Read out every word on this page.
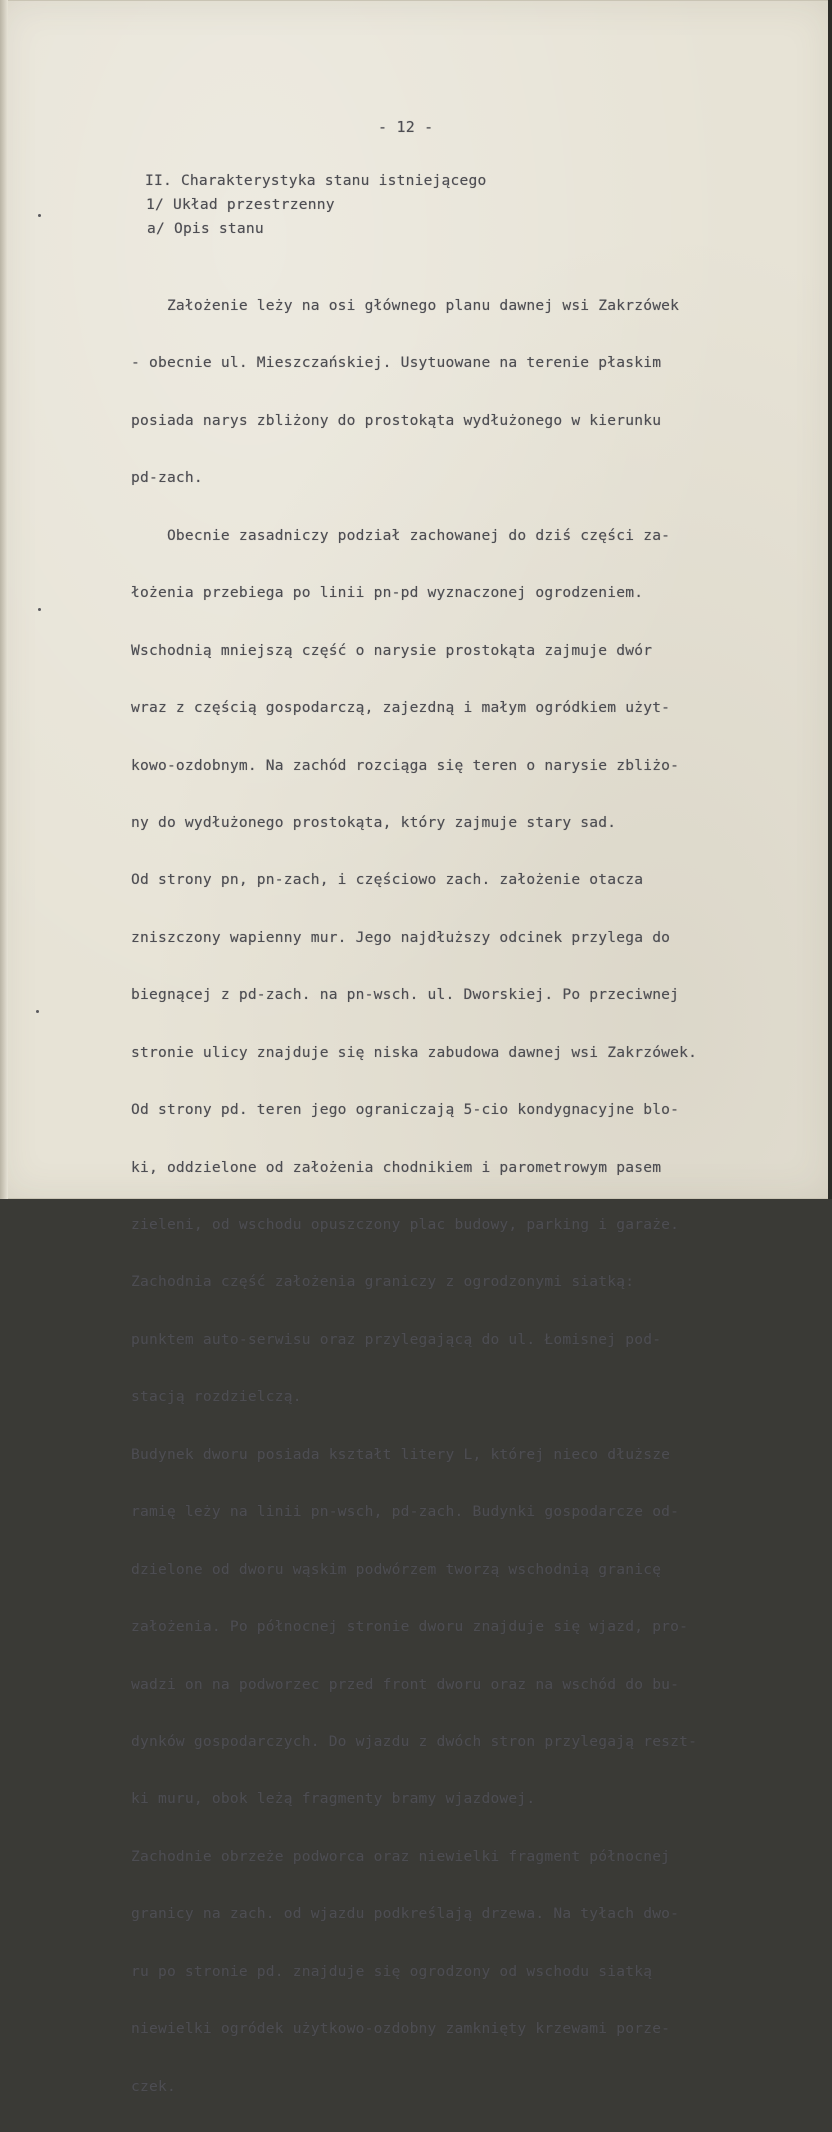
- 12 -
II. Charakterystyka stanu istniejącego
1/ Układ przestrzenny
a/ Opis stanu

Założenie leży na osi głównego planu dawnej wsi Zakrzówek

- obecnie ul. Mieszczańskiej. Usytuowane na terenie płaskim

posiada narys zbliżony do prostokąta wydłużonego w kierunku

pd-zach.

Obecnie zasadniczy podział zachowanej do dziś części za-

łożenia przebiega po linii pn-pd wyznaczonej ogrodzeniem.

Wschodnią mniejszą część o narysie prostokąta zajmuje dwór

wraz z częścią gospodarczą, zajezdną i małym ogródkiem użyt-

kowo-ozdobnym. Na zachód rozciąga się teren o narysie zbliżo-

ny do wydłużonego prostokąta, który zajmuje stary sad.

Od strony pn, pn-zach, i częściowo zach. założenie otacza

zniszczony wapienny mur. Jego najdłuższy odcinek przylega do

biegnącej z pd-zach. na pn-wsch. ul. Dworskiej. Po przeciwnej

stronie ulicy znajduje się niska zabudowa dawnej wsi Zakrzówek.

Od strony pd. teren jego ograniczają 5-cio kondygnacyjne blo-

ki, oddzielone od założenia chodnikiem i parometrowym pasem

zieleni, od wschodu opuszczony plac budowy, parking i garaże.

Zachodnia część założenia graniczy z ogrodzonymi siatką:

punktem auto-serwisu oraz przylegającą do ul. Łomisnej pod-

stacją rozdzielczą.

Budynek dworu posiada kształt litery L, której nieco dłuższe

ramię leży na linii pn-wsch, pd-zach. Budynki gospodarcze od-

dzielone od dworu wąskim podwórzem tworzą wschodnią granicę

założenia. Po północnej stronie dworu znajduje się wjazd, pro-

wadzi on na podworzec przed front dworu oraz na wschód do bu-

dynków gospodarczych. Do wjazdu z dwóch stron przylegają reszt-

ki muru, obok leżą fragmenty bramy wjazdowej.

Zachodnie obrzeże podworca oraz niewielki fragment północnej

granicy na zach. od wjazdu podkreślają drzewa. Na tyłach dwo-

ru po stronie pd. znajduje się ogrodzony od wschodu siatką

niewielki ogródek użytkowo-ozdobny zamknięty krzewami porze-

czek.
